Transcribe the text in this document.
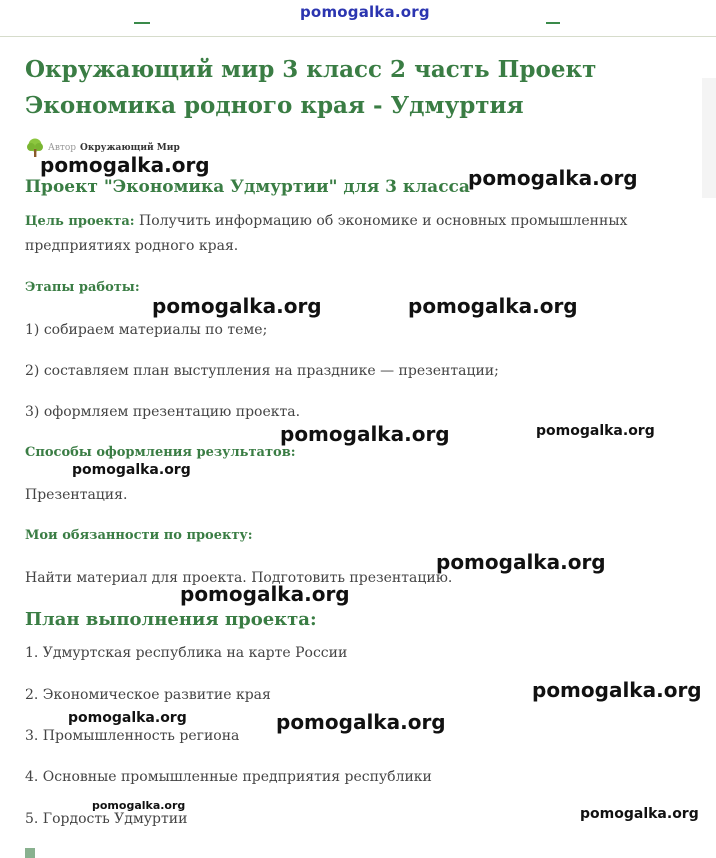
pomogalka.org
Окружающий мир 3 класс 2 часть Проект
Экономика родного края - Удмуртия
Автор Окружающий Мир
Проект "Экономика Удмуртии" для 3 класса
Цель проекта: Получить информацию об экономике и основных промышленных предприятиях родного края.
Этапы работы:
1) собираем материалы по теме;
2) составляем план выступления на празднике — презентации;
3) оформляем презентацию проекта.
Способы оформления результатов:
Презентация.
Мои обязанности по проекту:
Найти материал для проекта. Подготовить презентацию.
План выполнения проекта:
1. Удмуртская республика на карте России
2. Экономическое развитие края
3. Промышленность региона
4. Основные промышленные предприятия республики
5. Гордость Удмуртии
pomogalka.org
pomogalka.org
pomogalka.org	pomogalka.org
pomogalka.org	pomogalka.org
pomogalka.org
pomogalka.org
pomogalka.org
pomogalka.org
pomogalka.org	pomogalka.org
pomogalka.org
pomogalka.org
